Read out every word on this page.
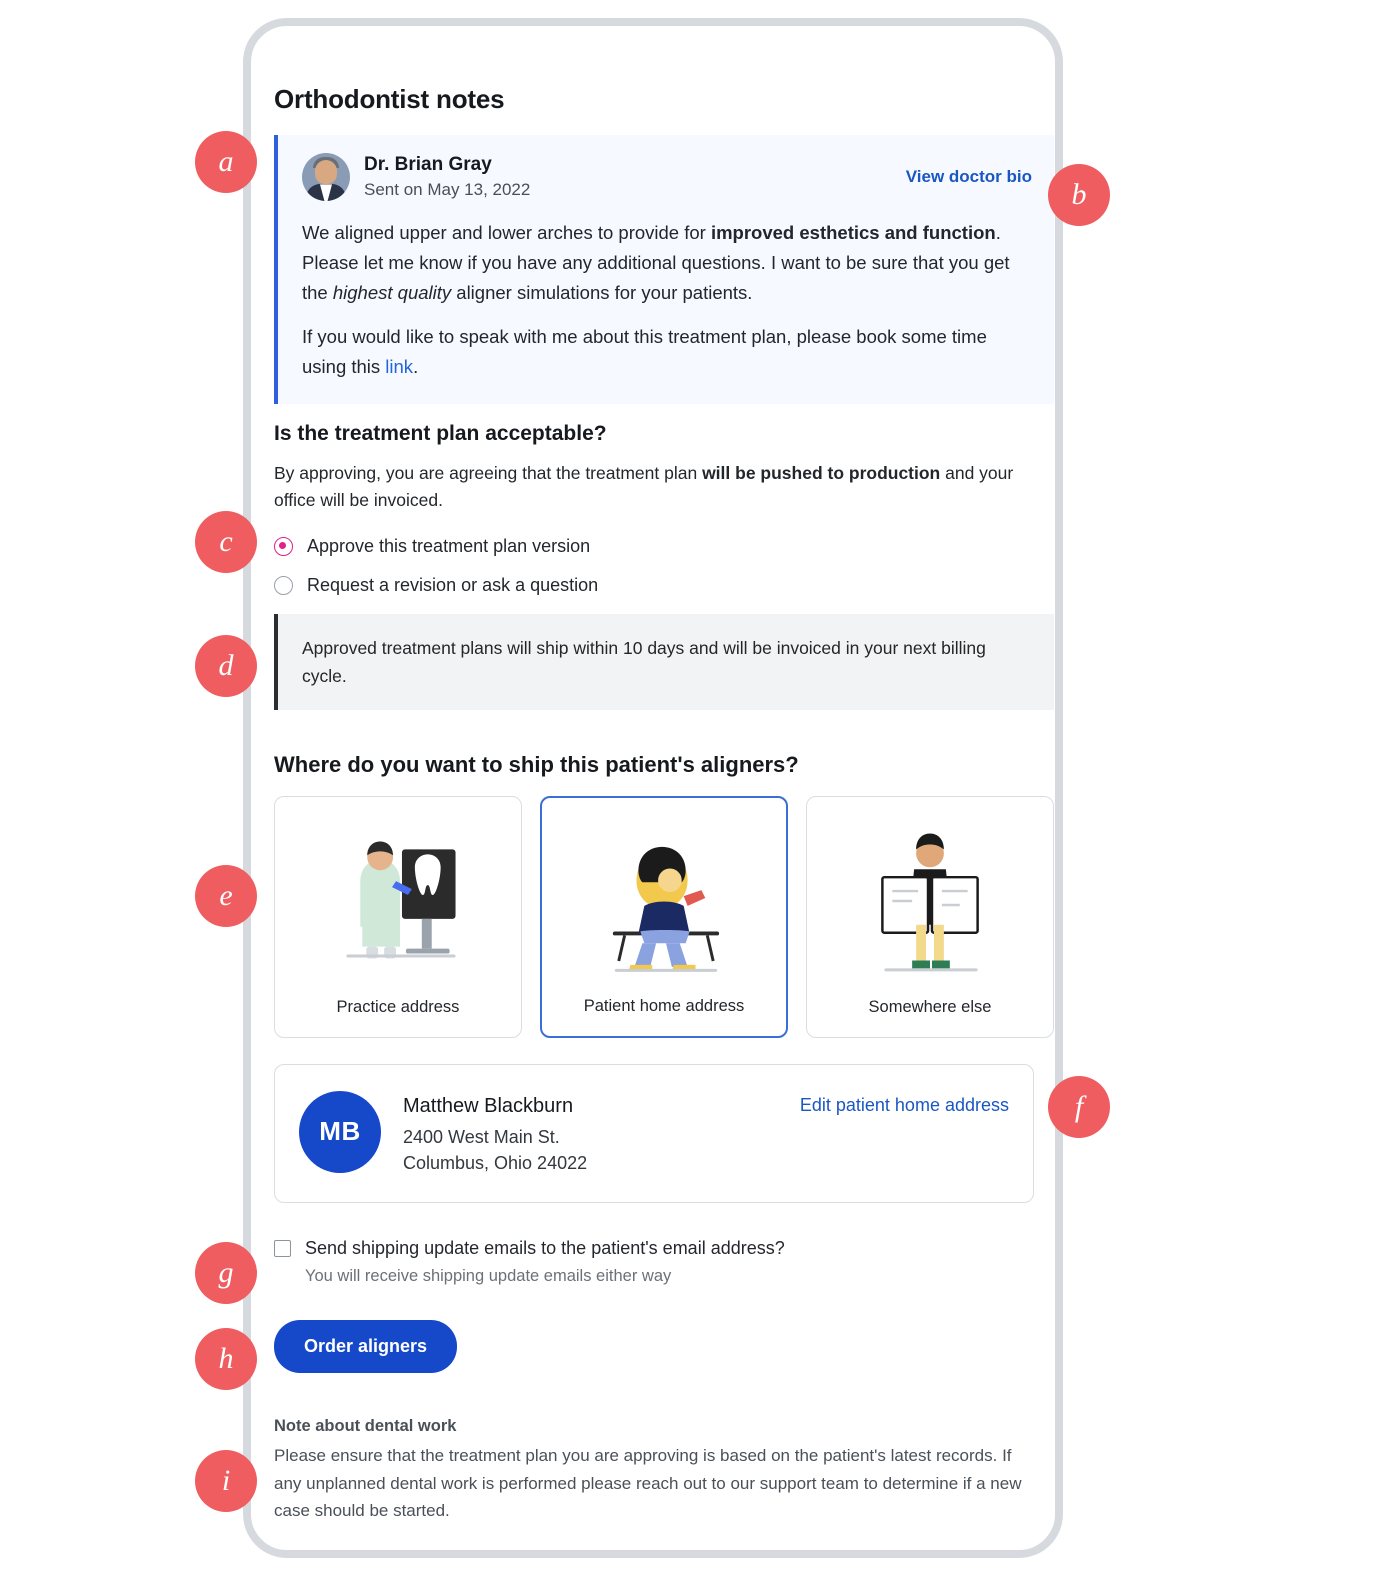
Orthodontist notes
Dr. Brian Gray
Sent on May 13, 2022
View doctor bio

We aligned upper and lower arches to provide for improved esthetics and function. Please let me know if you have any additional questions. I want to be sure that you get the highest quality aligner simulations for your patients.

If you would like to speak with me about this treatment plan, please book some time using this link.

Is the treatment plan acceptable?

By approving, you are agreeing that the treatment plan will be pushed to production and your office will be invoiced.

Approve this treatment plan version
Request a revision or ask a question
Approved treatment plans will ship within 10 days and will be invoiced in your next billing cycle.
Where do you want to ship this patient's aligners?
Practice address	Patient home address	Somewhere else
MB
Matthew Blackburn
2400 West Main St.
Columbus, Ohio 24022
Edit patient home address
Send shipping update emails to the patient's email address?
You will receive shipping update emails either way
Order aligners
Note about dental work
Please ensure that the treatment plan you are approving is based on the patient's latest records. If any unplanned dental work is performed please reach out to our support team to determine if a new case should be started.
a
b
c
d
e
f
g
h
i
